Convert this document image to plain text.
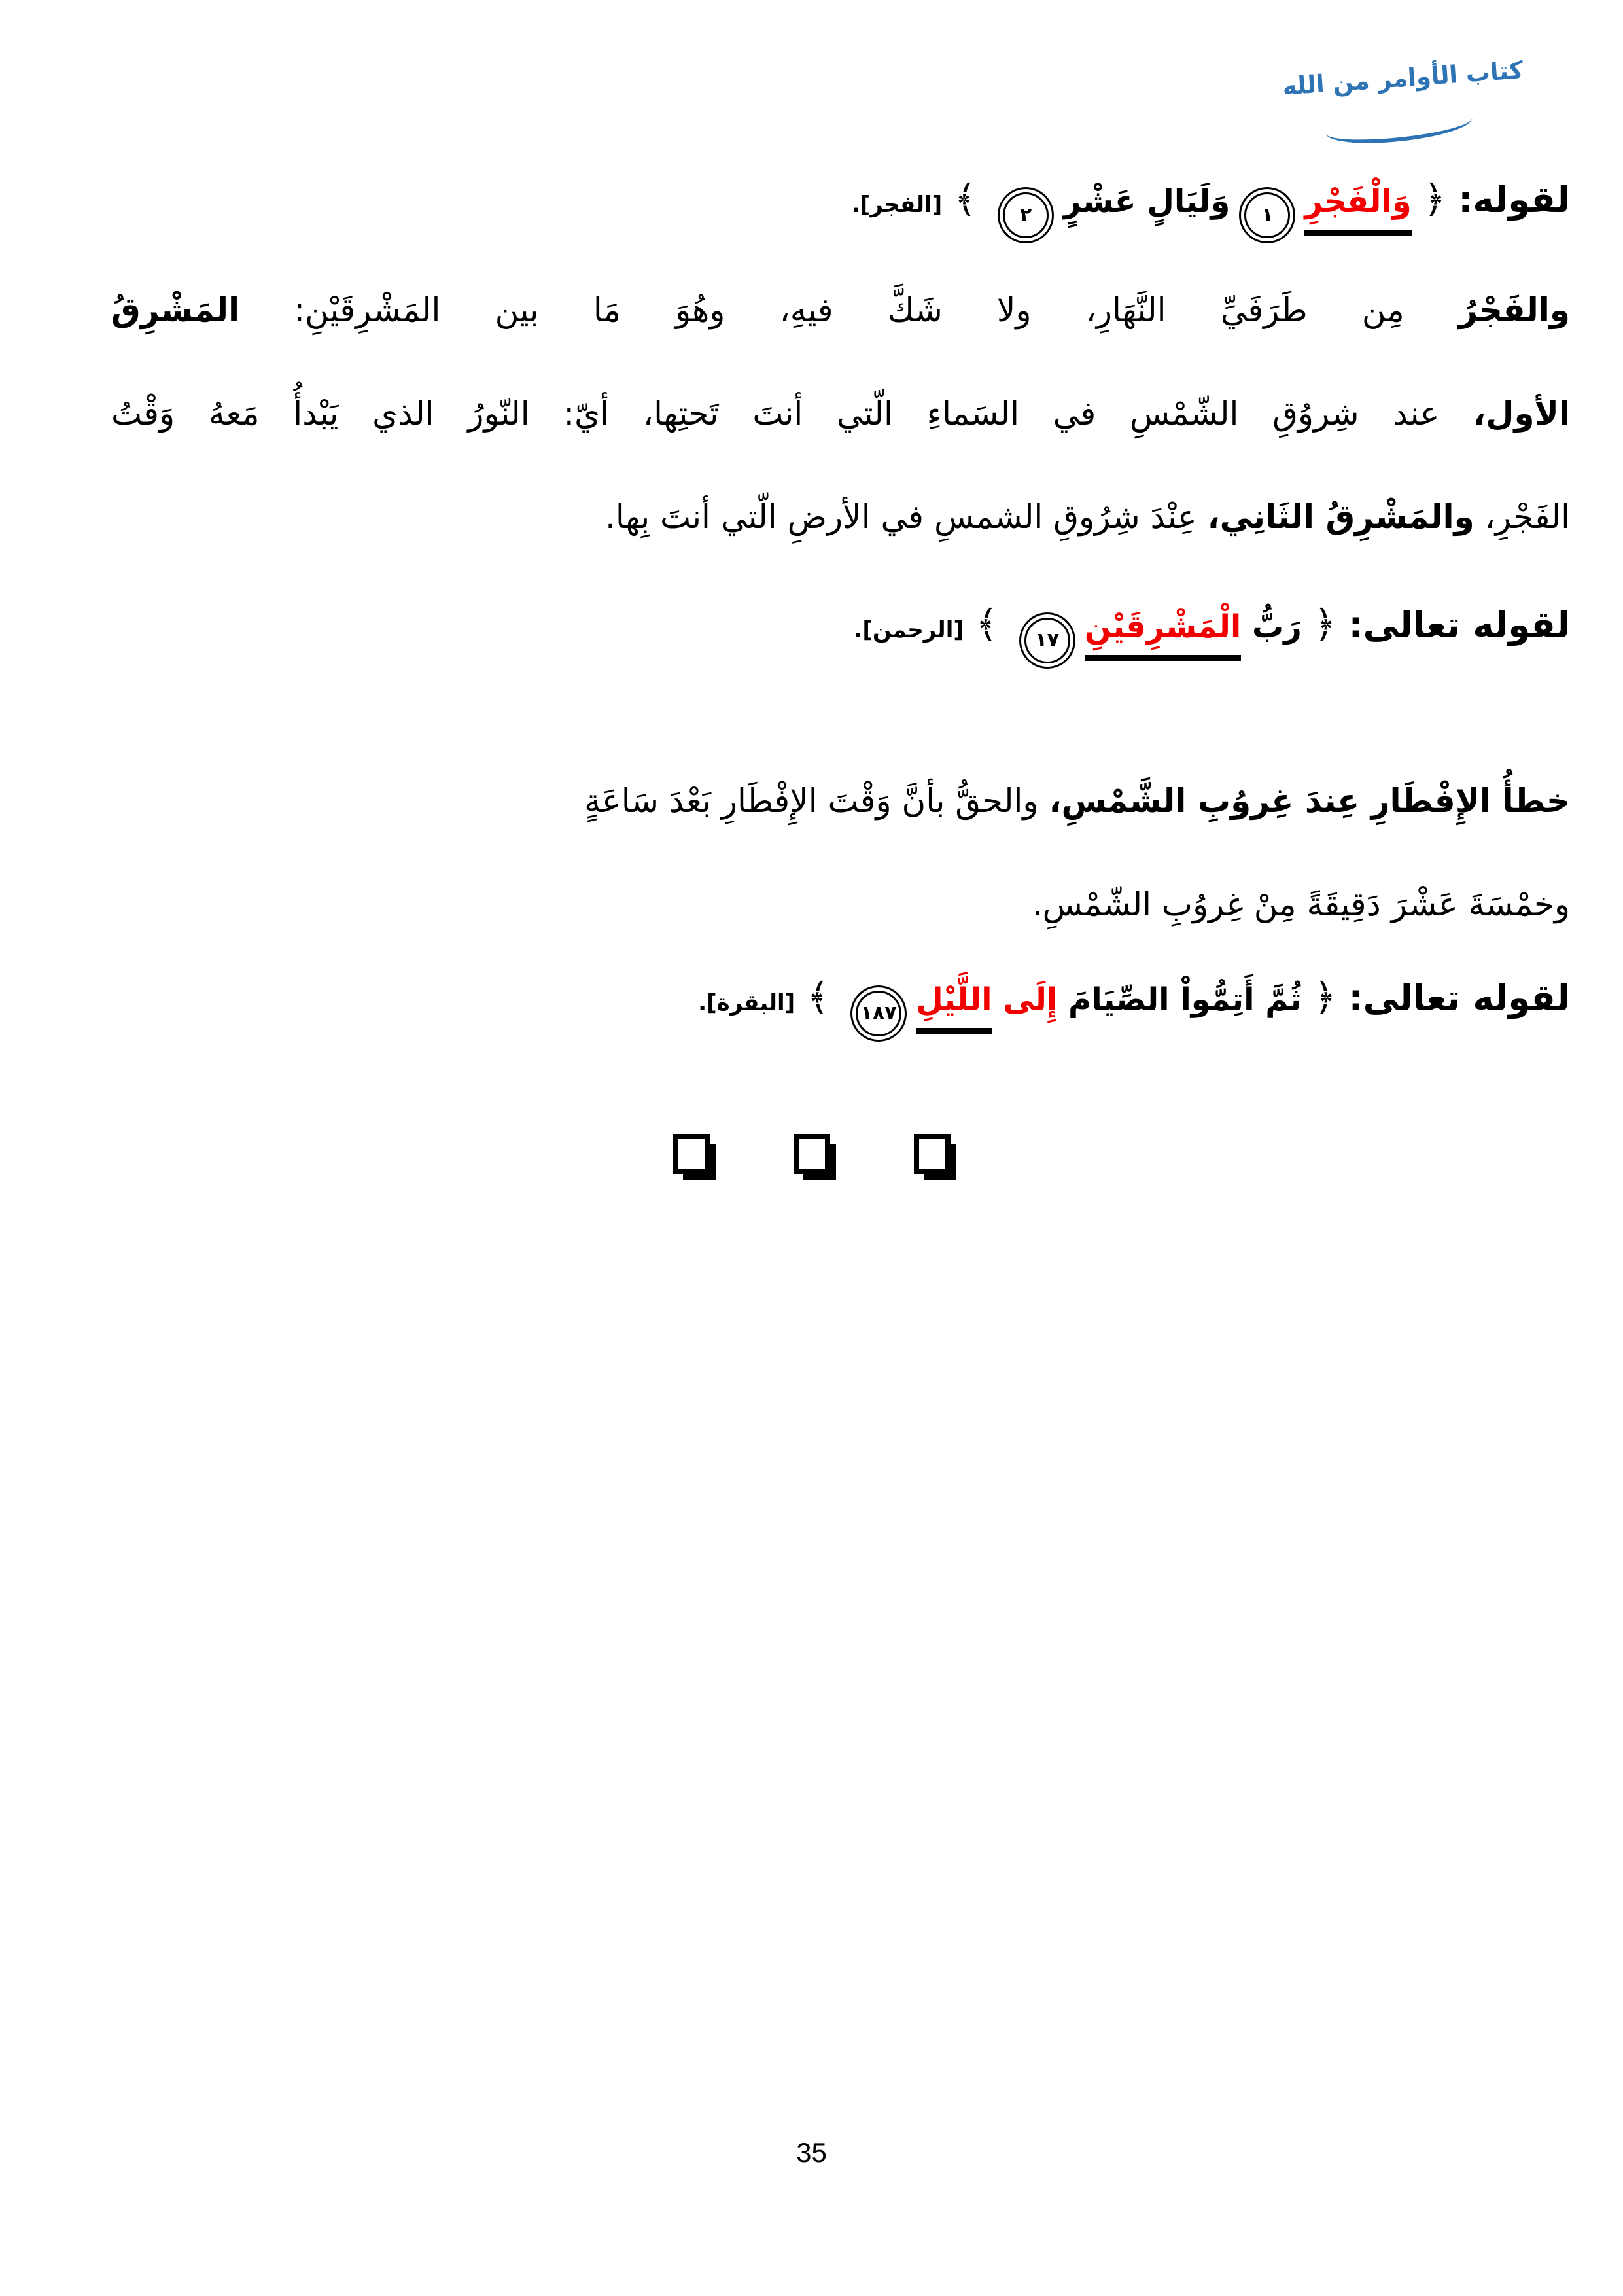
كتاب الأوامر من الله
لقوله: ﴿ وَالْفَجْرِ١وَلَيَالٍ عَشْرٍ٢ ﴾ [الفجر].
والفَجْرُ مِن طَرَفَيِّ النَّهَارِ، ولا شَكَّ فيهِ، وهُوَ مَا بين المَشْرِقَيْنِ: المَشْرِقُ
الأول، عند شِروُقِ الشّمْسِ في السَماءِ الّتي أنتَ تَحتِها، أيّ: النّورُ الذي يَبْدأُ مَعهُ وَقْتُ
الفَجْرِ، والمَشْرِقُ الثَانِي، عِنْدَ شِرُوقِ الشمسِ في الأرضِ الّتي أنتَ بِها.
لقوله تعالى: ﴿ رَبُّ الْمَشْرِقَيْنِ١٧ ﴾ [الرحمن].
خطأُ الإِفْطَارِ عِندَ غِروُبِ الشَّمْسِ، والحقُّ بأنَّ وَقْتَ الإِفْطَارِ بَعْدَ سَاعَةٍ
وخمْسَةَ عَشْرَ دَقِيقَةً مِنْ غِروُبِ الشّمْسِ.
لقوله تعالى: ﴿ ثُمَّ أَتِمُّواْ الصِّيَامَ إِلَى اللَّيْلِ١٨٧ ﴾ [البقرة].
35
